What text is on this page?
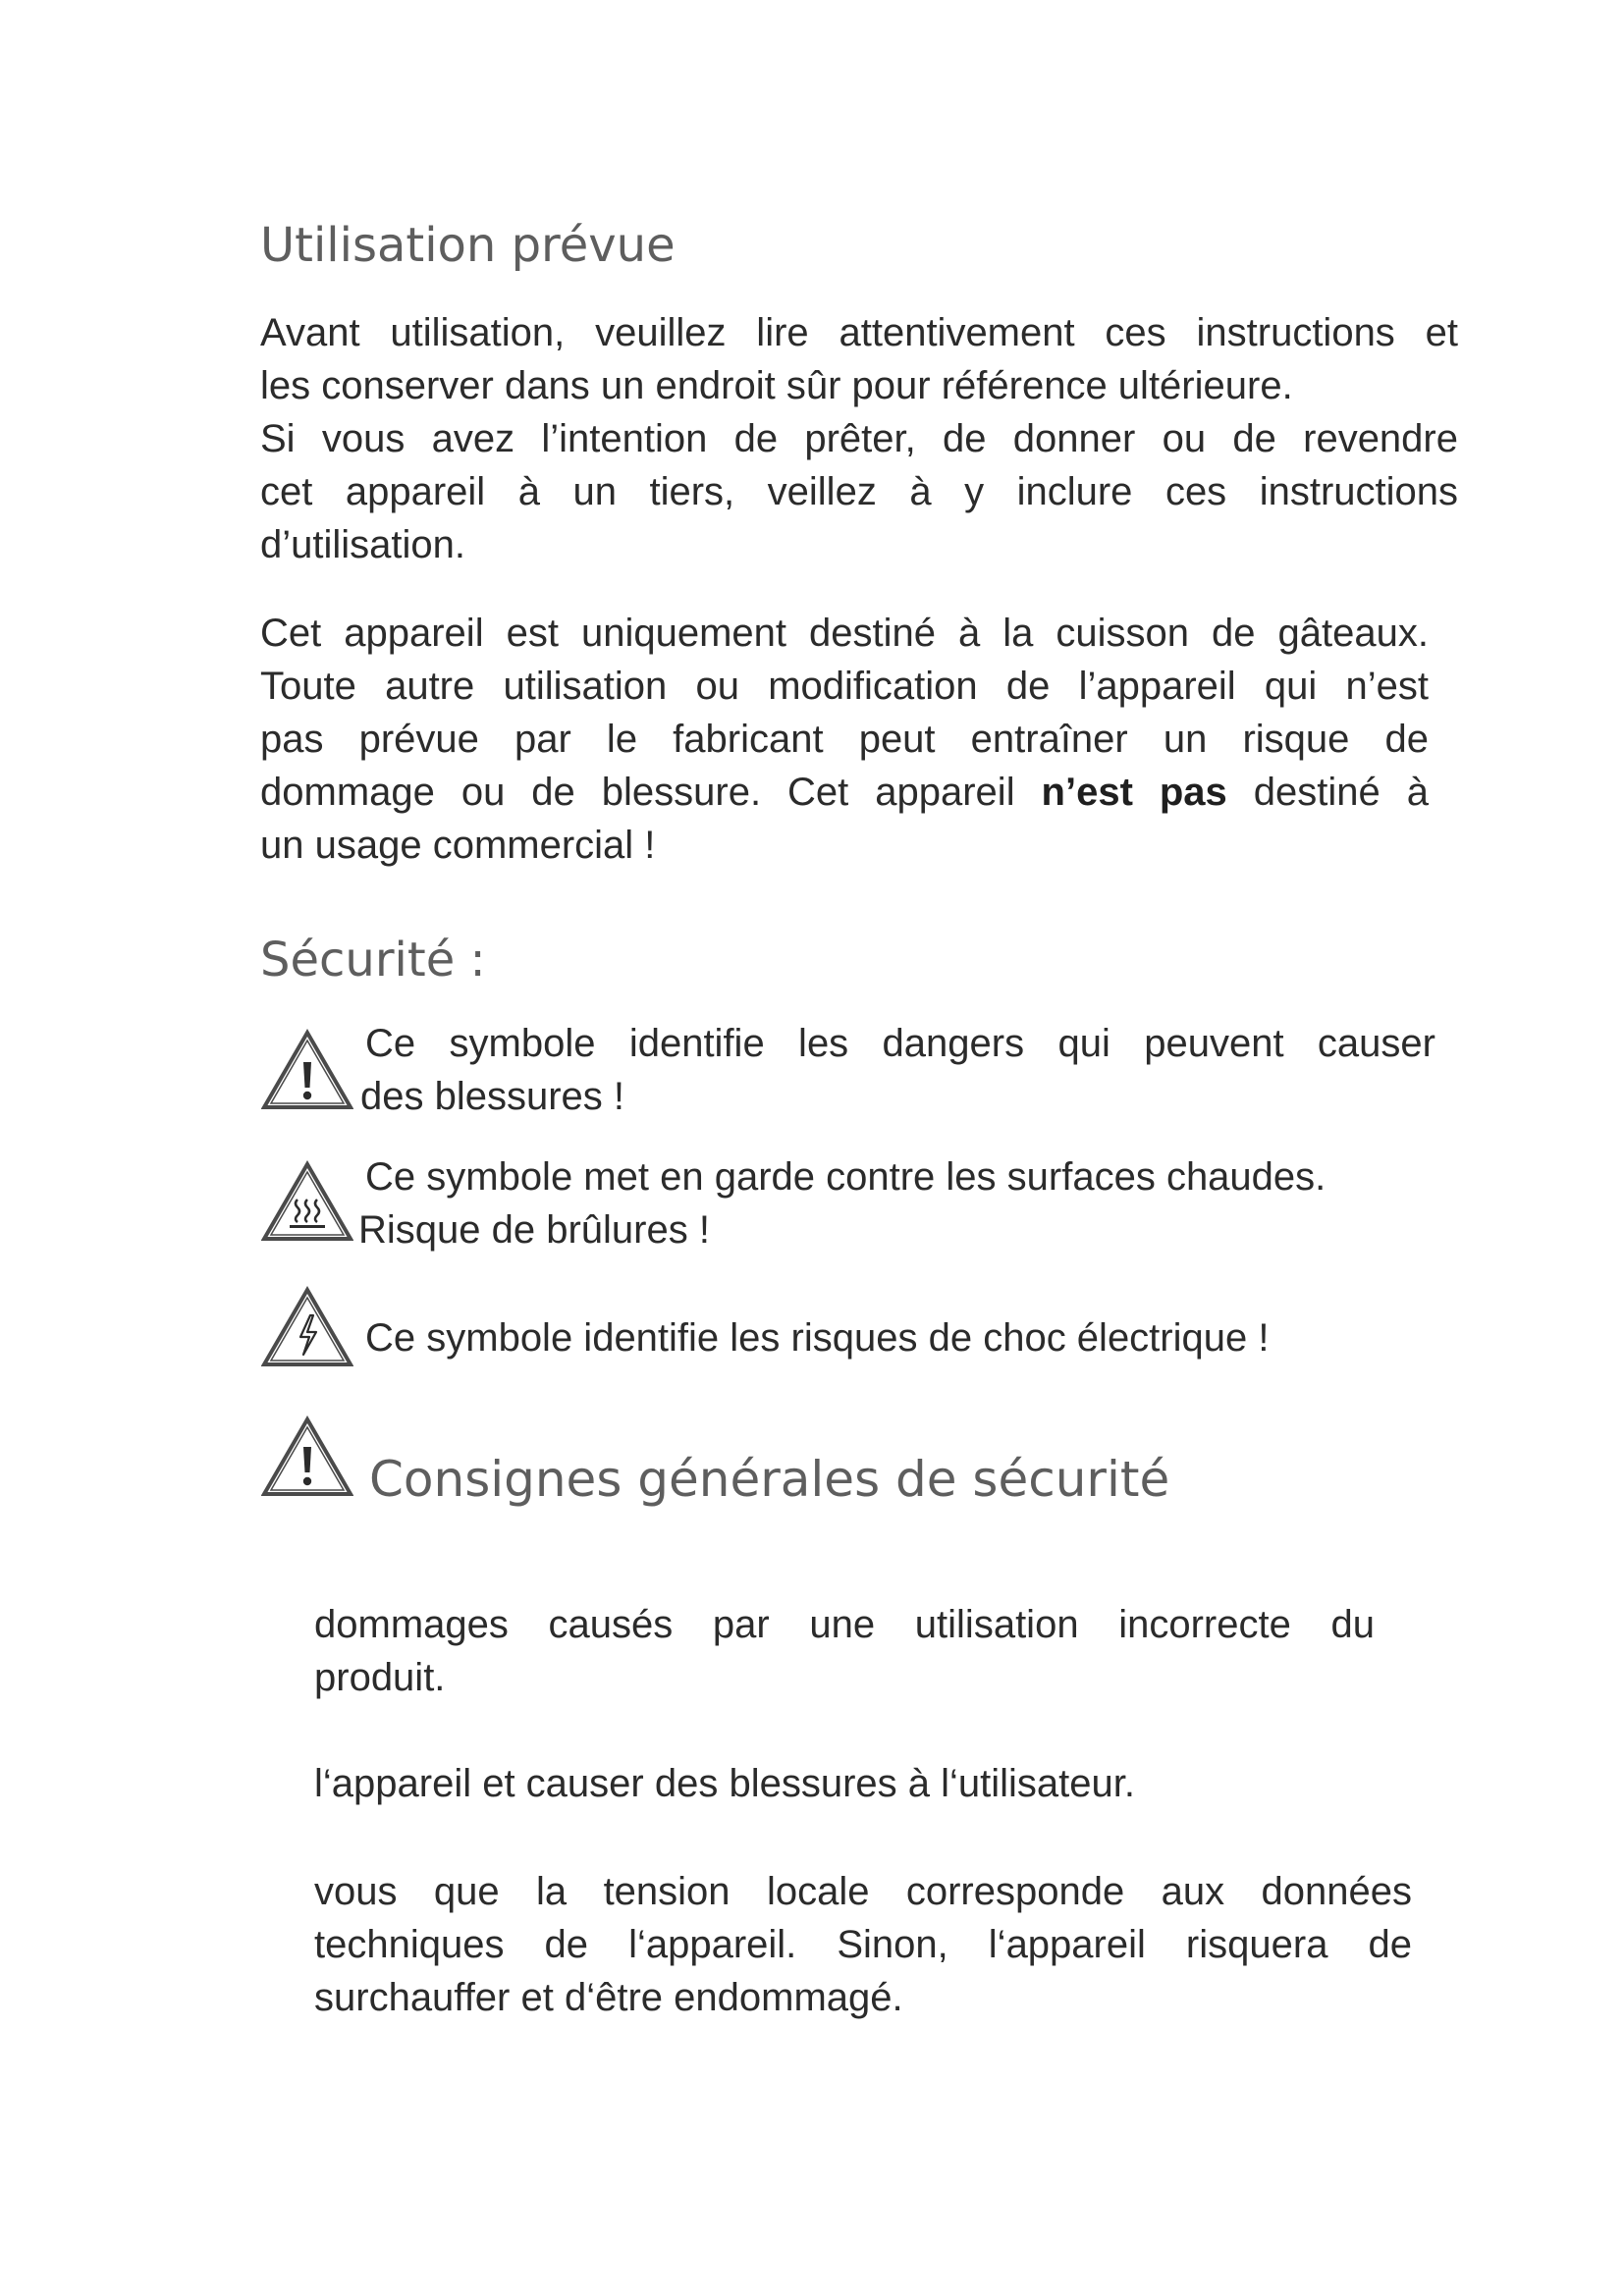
Utilisation prévue
Avant utilisation, veuillez lire attentivement ces instructions et
les conserver dans un endroit sûr pour référence ultérieure.
Si vous avez l’intention de prêter, de donner ou de revendre
cet appareil à un tiers, veillez à y inclure ces instructions
d’utilisation.
Cet appareil est uniquement destiné à la cuisson de gâteaux.
Toute autre utilisation ou modification de l’appareil qui n’est
pas prévue par le fabricant peut entraîner un risque de
dommage ou de blessure. Cet appareil n’est pas destiné à
un usage commercial !
Sécurité :
Ce symbole identifie les dangers qui peuvent causer
des blessures !
Ce symbole met en garde contre les surfaces chaudes.
Risque de brûlures !
Ce symbole identifie les risques de choc électrique !
Consignes générales de sécurité
dommages causés par une utilisation incorrecte du
produit.
l‘appareil et causer des blessures à l‘utilisateur.
vous que la tension locale corresponde aux données
techniques de l‘appareil. Sinon, l‘appareil risquera de
surchauffer et d‘être endommagé.
